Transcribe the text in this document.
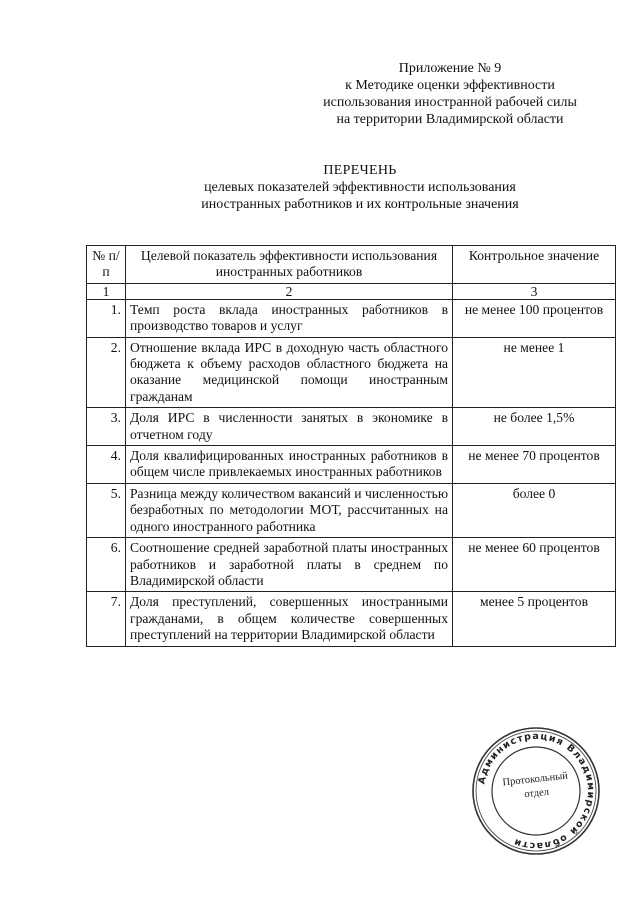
Приложение № 9
к Методике оценки эффективности
использования иностранной рабочей силы
на территории Владимирской области
ПЕРЕЧЕНЬ
целевых показателей эффективности использования
иностранных работников и их контрольные значения
№ п/п	Целевой показатель эффективности использования иностранных работников	Контрольное значение
1	2	3
1.	Темп роста вклада иностранных работников в производство товаров и услуг	не менее 100 процентов
2.	Отношение вклада ИРС в доходную часть областного бюджета к объему расходов областного бюджета на оказание медицинской помощи иностранным гражданам	не менее 1
3.	Доля ИРС в численности занятых в экономике в отчетном году	не более 1,5%
4.	Доля квалифицированных иностранных работников в общем числе привлекаемых иностранных работников	не менее 70 процентов
5.	Разница между количеством вакансий и численностью безработных по методологии МОТ, рассчитанных на одного иностранного работника	более 0
6.	Соотношение средней заработной платы иностранных работников и заработной платы в среднем по Владимирской области	не менее 60 процентов
7.	Доля преступлений, совершенных иностранными гражданами, в общем количестве совершенных преступлений на территории Владимирской области	менее 5 процентов
Администрация Владимирской области
Протокольный
отдел
